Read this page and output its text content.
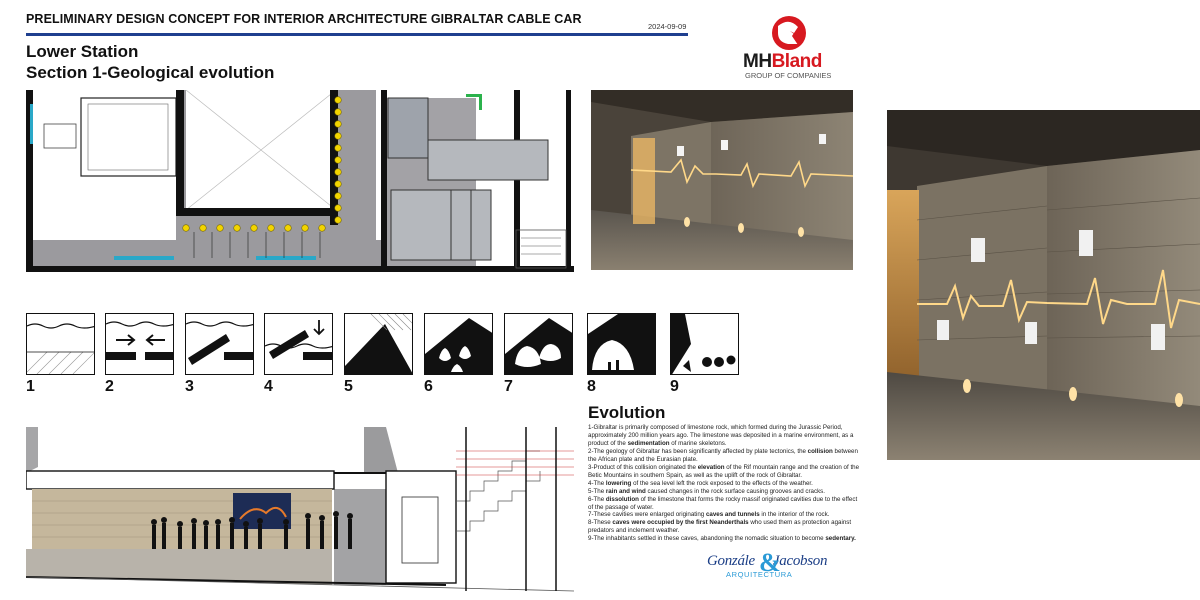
PRELIMINARY DESIGN CONCEPT FOR INTERIOR ARCHITECTURE GIBRALTAR CABLE CAR
2024-09-09
Lower Station
Section 1-Geological evolution
MHBland
GROUP OF COMPANIES
1	2	3	4	5	6	7	8	9
Evolution

1-Gibraltar is primarily composed of limestone rock, which formed during the Jurassic Period, approximately 200 million years ago. The limestone was deposited in a marine environment, as a product of the sedimentation of marine skeletons.

2-The geology of Gibraltar has been significantly affected by plate tectonics, the collision between the African plate and the Eurasian plate.

3-Product of this collision originated the elevation of the Rif mountain range and the creation of the Betic Mountains in southern Spain, as well as the uplift of the rock of Gibraltar.

4-The lowering of the sea level left the rock exposed to the effects of the weather.

5-The rain and wind caused changes in the rock surface causing grooves and cracks.

6-The dissolution of the limestone that forms the rocky massif originated cavities due to the effect of the passage of water.

7-These cavities were enlarged originating caves and tunnels in the interior of the rock.

8-These caves were occupied by the first Neanderthals who used them as protection against predators and inclement weather.

9-The inhabitants settled in these caves, abandoning the nomadic situation to become sedentary.

Gonzále Jacobson
&
ARQUITECTURA
